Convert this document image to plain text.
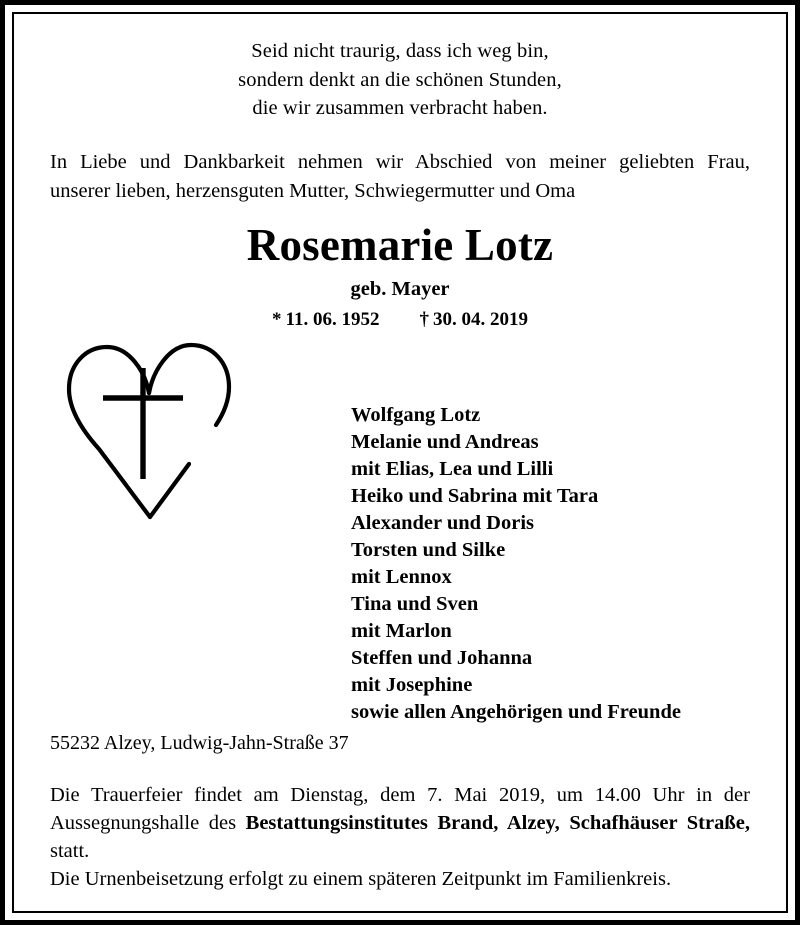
Seid nicht traurig, dass ich weg bin,
sondern denkt an die schönen Stunden,
die wir zusammen verbracht haben.
In Liebe und Dankbarkeit nehmen wir Abschied von meiner geliebten Frau,
unserer lieben, herzensguten Mutter, Schwiegermutter und Oma
Rosemarie Lotz
geb. Mayer
* 11. 06. 1952 † 30. 04. 2019
Wolfgang Lotz
Melanie und Andreas
mit Elias, Lea und Lilli
Heiko und Sabrina mit Tara
Alexander und Doris
Torsten und Silke
mit Lennox
Tina und Sven
mit Marlon
Steffen und Johanna
mit Josephine
sowie allen Angehörigen und Freunde
55232 Alzey, Ludwig-Jahn-Straße 37
Die Trauerfeier findet am Dienstag, dem 7. Mai 2019, um 14.00 Uhr in der Aussegnungshalle des Bestattungsinstitutes Brand, Alzey, Schafhäuser Straße, statt.
Die Urnenbeisetzung erfolgt zu einem späteren Zeitpunkt im Familienkreis.
